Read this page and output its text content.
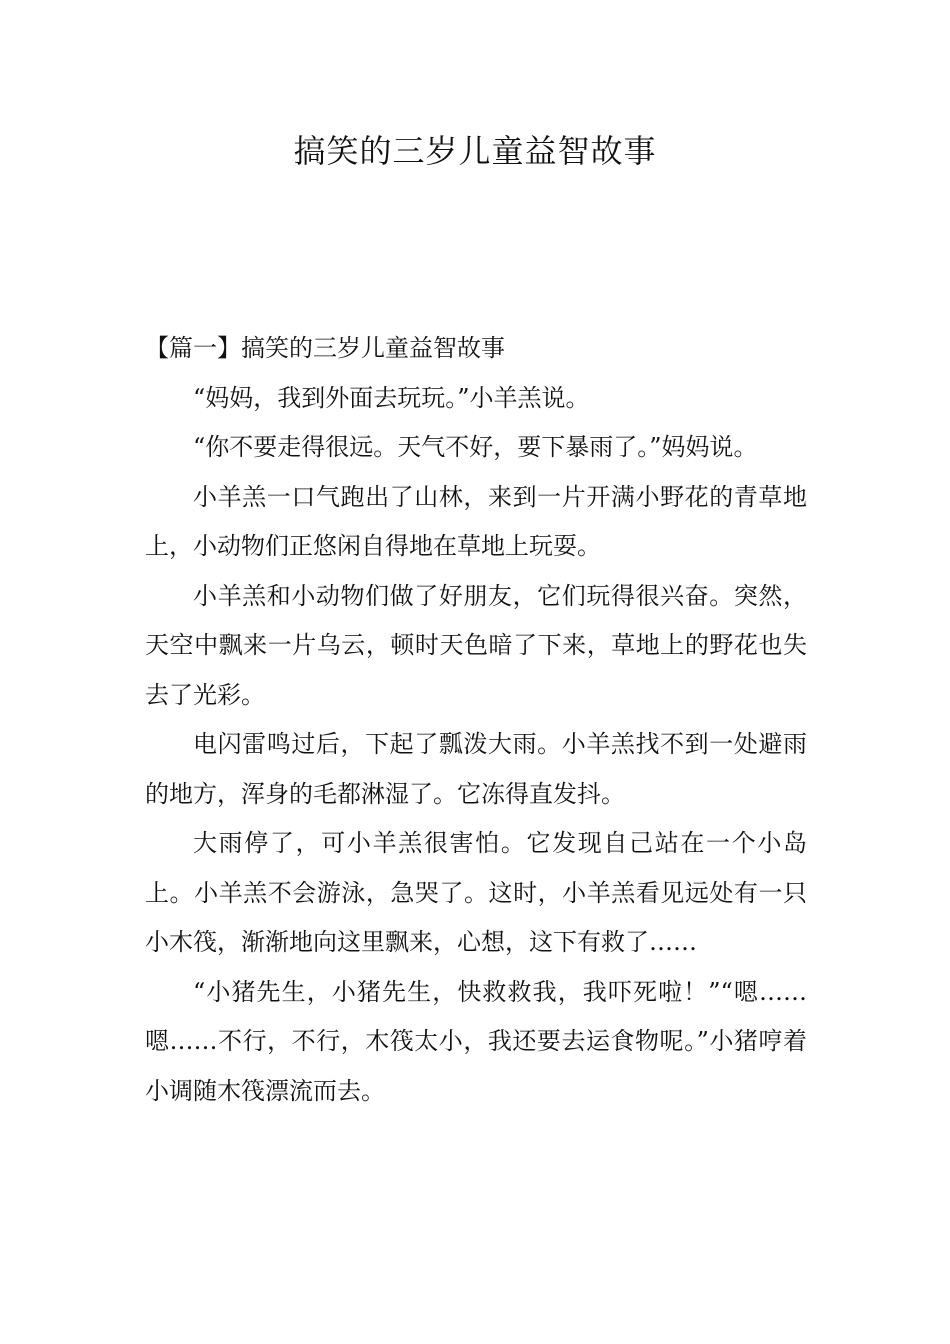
搞笑的三岁儿童益智故事
【篇一】搞笑的三岁儿童益智故事

“妈妈，我到外面去玩玩。”小羊羔说。

“你不要走得很远。天气不好，要下暴雨了。”妈妈说。

小羊羔一口气跑出了山林，来到一片开满小野花的青草地上，小动物们正悠闲自得地在草地上玩耍。

小羊羔和小动物们做了好朋友，它们玩得很兴奋。突然，天空中飘来一片乌云，顿时天色暗了下来，草地上的野花也失去了光彩。

电闪雷鸣过后，下起了瓢泼大雨。小羊羔找不到一处避雨的地方，浑身的毛都淋湿了。它冻得直发抖。

大雨停了，可小羊羔很害怕。它发现自己站在一个小岛上。小羊羔不会游泳，急哭了。这时，小羊羔看见远处有一只小木筏，渐渐地向这里飘来，心想，这下有救了……

“小猪先生，小猪先生，快救救我，我吓死啦！”“嗯……嗯……不行，不行，木筏太小，我还要去运食物呢。”小猪哼着小调随木筏漂流而去。
